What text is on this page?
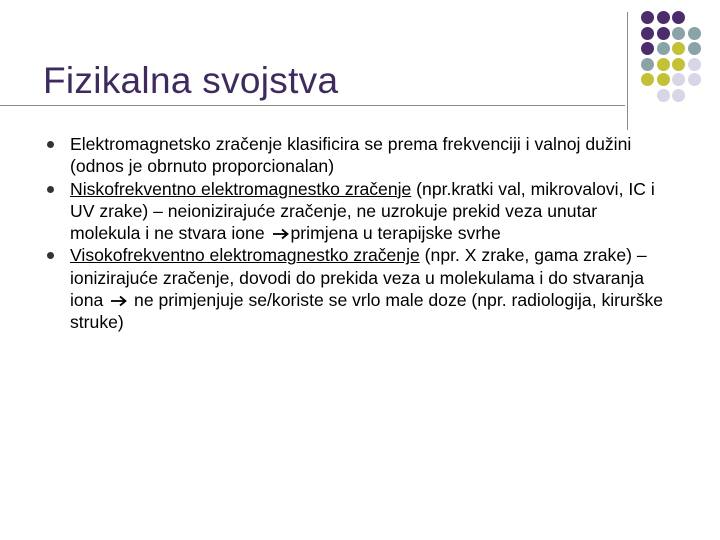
Fizikalna svojstva
Elektromagnetsko zračenje klasificira se prema frekvenciji i valnoj dužini (odnos je obrnuto proporcionalan)
Niskofrekventno elektromagnestko zračenje (npr.kratki val, mikrovalovi, IC i UV zrake) – neionizirajuće zračenje, ne uzrokuje prekid veza unutar molekula i ne stvara ione primjena u terapijske svrhe
Visokofrekventno elektromagnestko zračenje (npr. X zrake, gama zrake) – ionizirajuće zračenje, dovodi do prekida veza u molekulama i do stvaranja iona  ne primjenjuje se/koriste se vrlo male doze (npr. radiologija, kirurške struke)
